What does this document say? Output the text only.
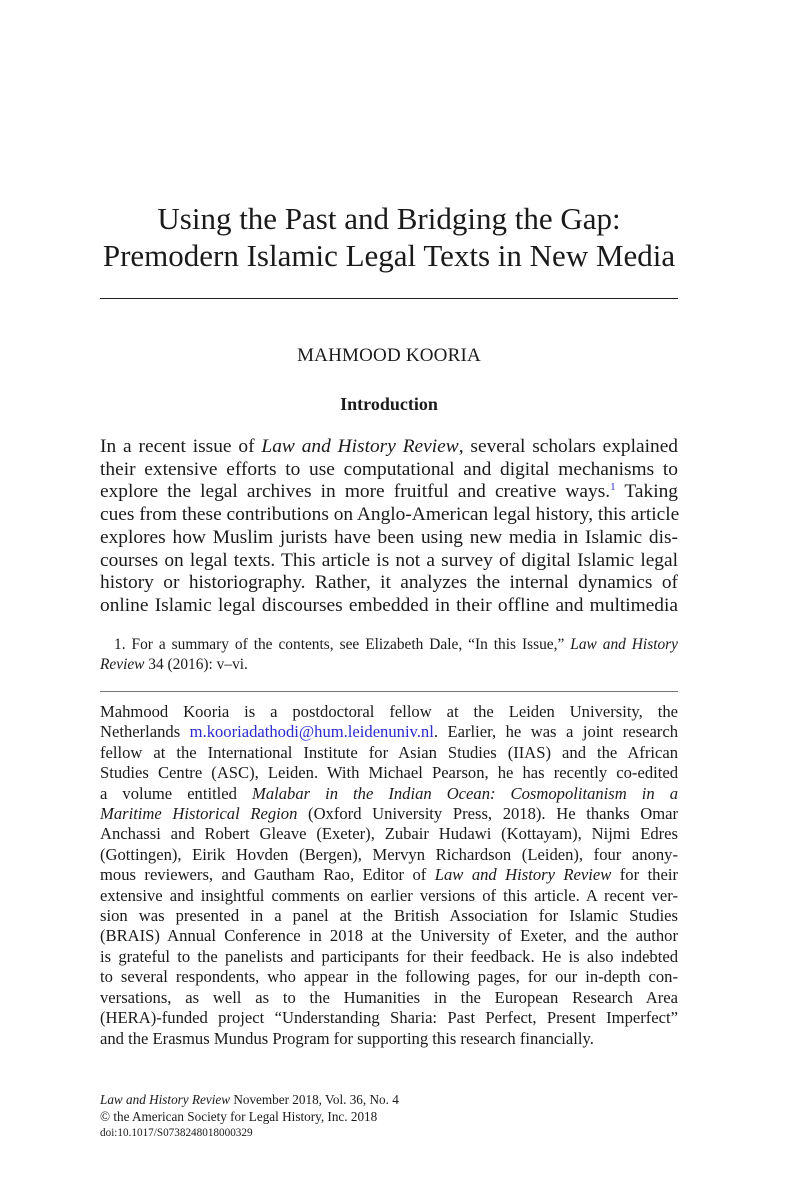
Using the Past and Bridging the Gap:
Premodern Islamic Legal Texts in New Media
MAHMOOD KOORIA
Introduction
In a recent issue of Law and History Review, several scholars explained
their extensive efforts to use computational and digital mechanisms to
explore the legal archives in more fruitful and creative ways.$^1$ Taking
cues from these contributions on Anglo-American legal history, this article
explores how Muslim jurists have been using new media in Islamic dis-
courses on legal texts. This article is not a survey of digital Islamic legal
history or historiography. Rather, it analyzes the internal dynamics of
online Islamic legal discourses embedded in their offline and multimedia
1. For a summary of the contents, see Elizabeth Dale, “In this Issue,” Law and History
Review 34 (2016): v–vi.
Mahmood Kooria is a postdoctoral fellow at the Leiden University, the
Netherlands m.kooriadathodi@hum.leidenuniv.nl. Earlier, he was a joint research
fellow at the International Institute for Asian Studies (IIAS) and the African
Studies Centre (ASC), Leiden. With Michael Pearson, he has recently co-edited
a volume entitled Malabar in the Indian Ocean: Cosmopolitanism in a
Maritime Historical Region (Oxford University Press, 2018). He thanks Omar
Anchassi and Robert Gleave (Exeter), Zubair Hudawi (Kottayam), Nijmi Edres
(Gottingen), Eirik Hovden (Bergen), Mervyn Richardson (Leiden), four anony-
mous reviewers, and Gautham Rao, Editor of Law and History Review for their
extensive and insightful comments on earlier versions of this article. A recent ver-
sion was presented in a panel at the British Association for Islamic Studies
(BRAIS) Annual Conference in 2018 at the University of Exeter, and the author
is grateful to the panelists and participants for their feedback. He is also indebted
to several respondents, who appear in the following pages, for our in-depth con-
versations, as well as to the Humanities in the European Research Area
(HERA)-funded project “Understanding Sharia: Past Perfect, Present Imperfect”
and the Erasmus Mundus Program for supporting this research financially.
Law and History Review November 2018, Vol. 36, No. 4
© the American Society for Legal History, Inc. 2018
doi:10.1017/S0738248018000329
